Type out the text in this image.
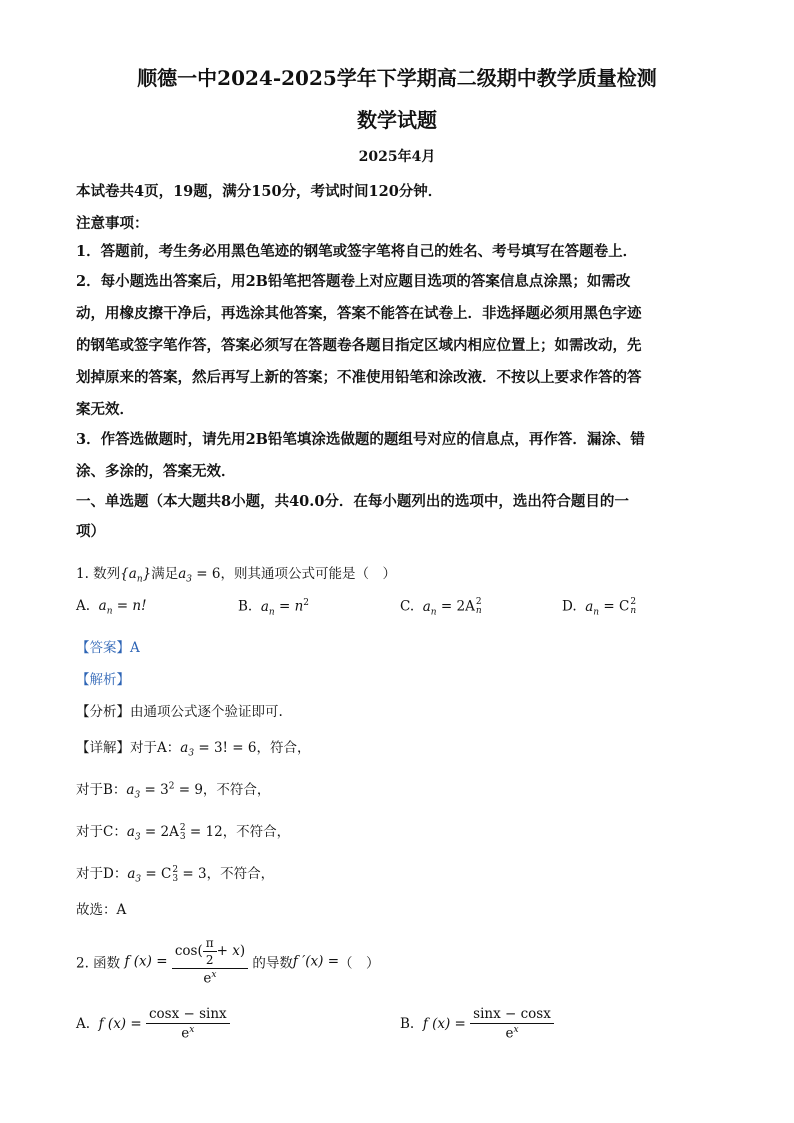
顺德一中2024-2025学年下学期高二级期中教学质量检测
数学试题
2025年4月
本试卷共4页，19题，满分150分，考试时间120分钟．
注意事项：
1．答题前，考生务必用黑色笔迹的钢笔或签字笔将自己的姓名、考号填写在答题卷上．
2．每小题选出答案后，用2B铅笔把答题卷上对应题目选项的答案信息点涂黑；如需改
动，用橡皮擦干净后，再选涂其他答案，答案不能答在试卷上．非选择题必须用黑色字迹
的钢笔或签字笔作答，答案必须写在答题卷各题目指定区域内相应位置上；如需改动，先
划掉原来的答案，然后再写上新的答案；不准使用铅笔和涂改液．不按以上要求作答的答
案无效．
3．作答选做题时，请先用2B铅笔填涂选做题的题组号对应的信息点，再作答．漏涂、错
涂、多涂的，答案无效．
一、单选题（本大题共8小题，共40.0分．在每小题列出的选项中，选出符合题目的一
项）
1. 数列$\{a_n\}$满足$a_3 = 6$，则其通项公式可能是（　）
A. $a_n = n$!	B. $a_n = n^2$	C. $a_n = 2A$ 2
n	D. $a_n = C$ 2
n
【答案】A
【解析】
【分析】由通项公式逐个验证即可.
【详解】对于A：$a_3 = 3$! = 6，符合，
对于B：$a_3 = 3^2 = 9$，不符合，
对于C：$a_3 = 2A$ 2
3 = 12，不符合，
对于D：$a_3 = C$ 2
3 = 3，不符合，
故选：A
2. 函数 f $(x) = \frac{\cos( \frac{\pi}{2} + x)}{e^x}$ 的导数f ′(x) =（　）
A. f $(x) = \frac{\cos x - \sin x}{e^x}$	B. f $(x) = \frac{\sin x - \cos x}{e^x}$
